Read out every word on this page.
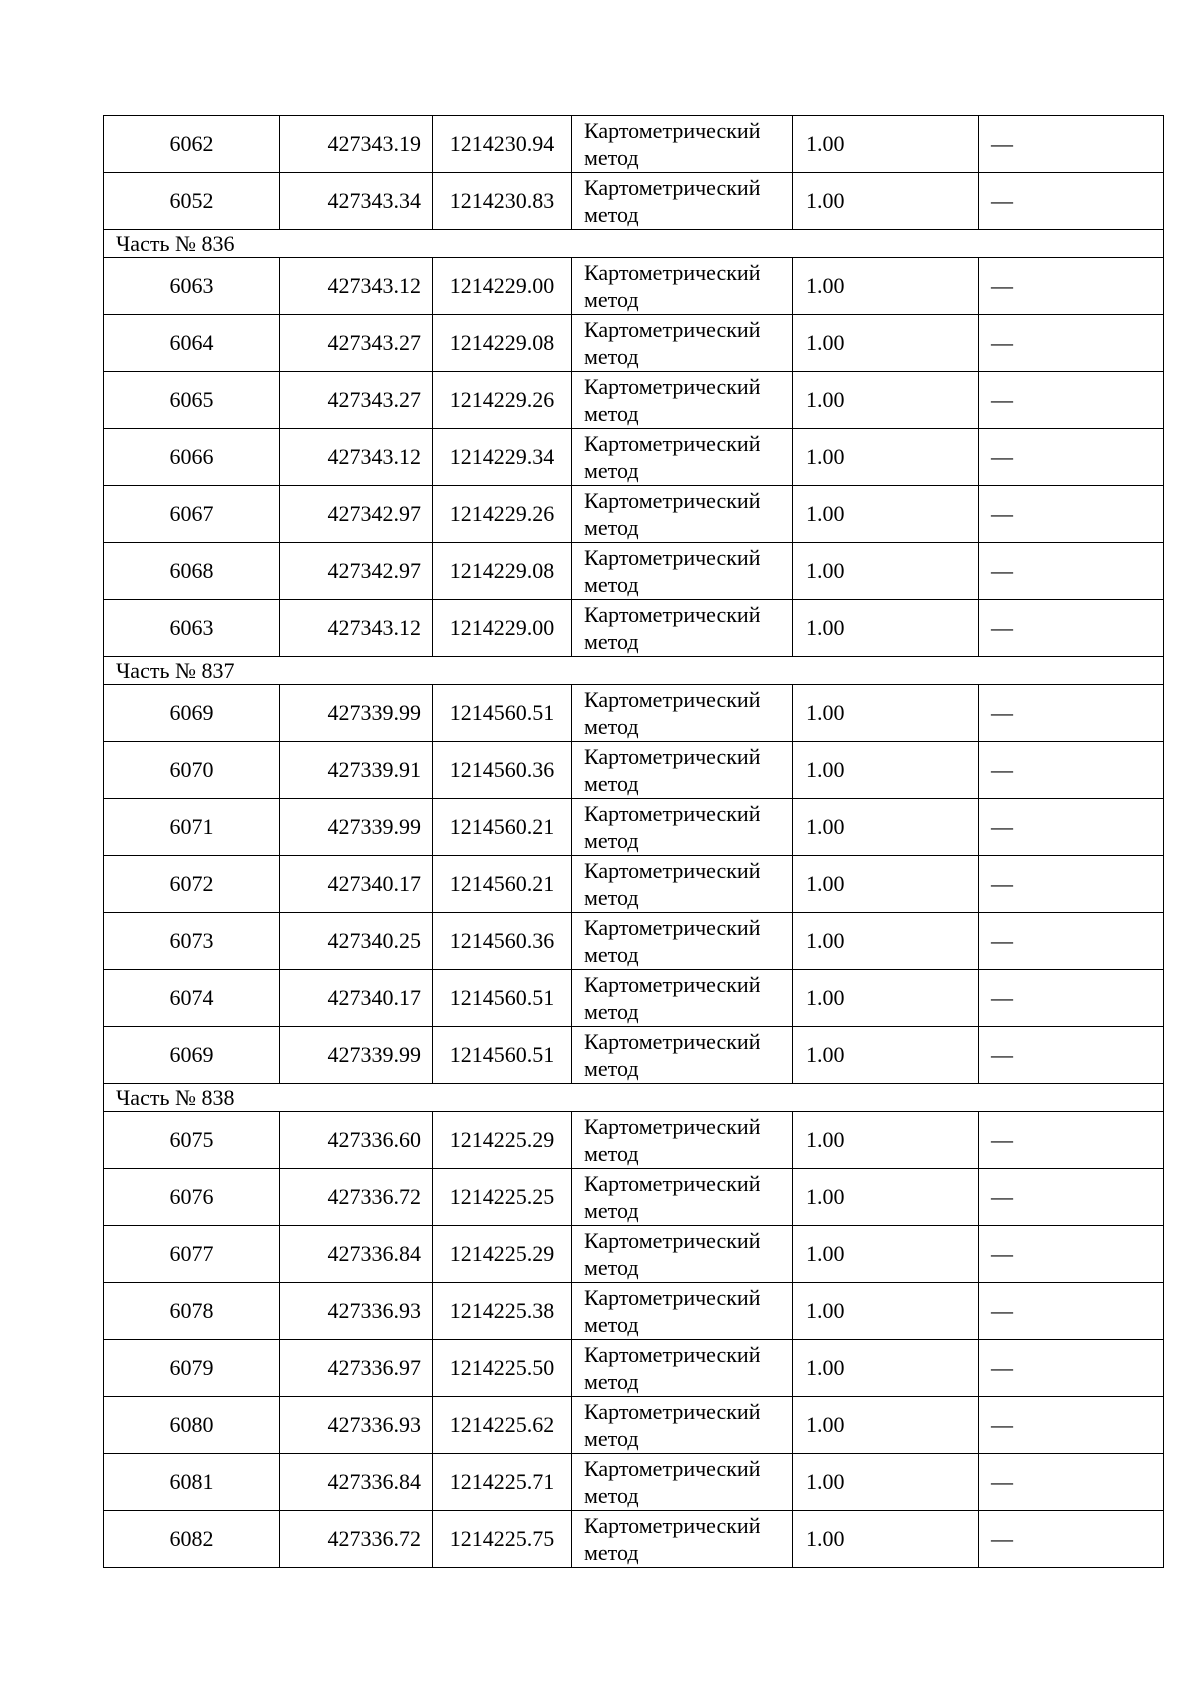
6062	427343.19	1214230.94	Картометрический метод	1.00	—
6052	427343.34	1214230.83	Картометрический метод	1.00	—
Часть № 836					
6063	427343.12	1214229.00	Картометрический метод	1.00	—
6064	427343.27	1214229.08	Картометрический метод	1.00	—
6065	427343.27	1214229.26	Картометрический метод	1.00	—
6066	427343.12	1214229.34	Картометрический метод	1.00	—
6067	427342.97	1214229.26	Картометрический метод	1.00	—
6068	427342.97	1214229.08	Картометрический метод	1.00	—
6063	427343.12	1214229.00	Картометрический метод	1.00	—
Часть № 837					
6069	427339.99	1214560.51	Картометрический метод	1.00	—
6070	427339.91	1214560.36	Картометрический метод	1.00	—
6071	427339.99	1214560.21	Картометрический метод	1.00	—
6072	427340.17	1214560.21	Картометрический метод	1.00	—
6073	427340.25	1214560.36	Картометрический метод	1.00	—
6074	427340.17	1214560.51	Картометрический метод	1.00	—
6069	427339.99	1214560.51	Картометрический метод	1.00	—
Часть № 838					
6075	427336.60	1214225.29	Картометрический метод	1.00	—
6076	427336.72	1214225.25	Картометрический метод	1.00	—
6077	427336.84	1214225.29	Картометрический метод	1.00	—
6078	427336.93	1214225.38	Картометрический метод	1.00	—
6079	427336.97	1214225.50	Картометрический метод	1.00	—
6080	427336.93	1214225.62	Картометрический метод	1.00	—
6081	427336.84	1214225.71	Картометрический метод	1.00	—
6082	427336.72	1214225.75	Картометрический метод	1.00	—
